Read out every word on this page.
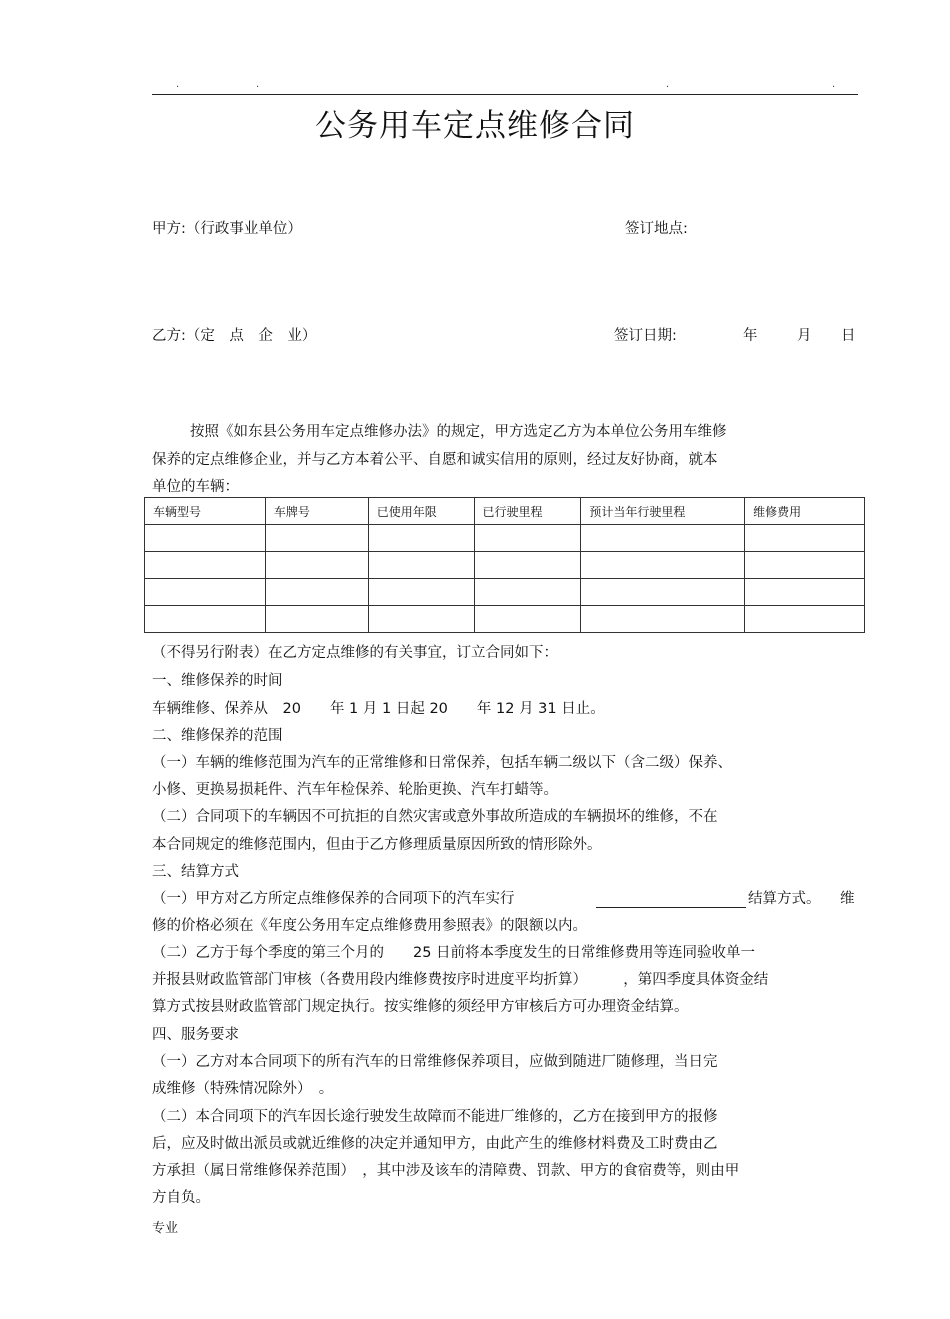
.	.	.	.
公务用车定点维修合同
甲方:（行政事业单位）	签订地点:
乙方:（定　点　企　业）	签订日期:	年	月 日
按照《如东县公务用车定点维修办法》的规定，甲方选定乙方为本单位公务用车维修
保养的定点维修企业，并与乙方本着公平、自愿和诚实信用的原则，经过友好协商，就本
单位的车辆：
车辆型号	车牌号	已使用年限	已行驶里程	预计当年行驶里程	维修费用

（不得另行附表）在乙方定点维修的有关事宜，订立合同如下：
一、维修保养的时间
车辆维修、保养从　20　　年 1 月 1 日起 20　　年 12 月 31 日止。
二、维修保养的范围
（一）车辆的维修范围为汽车的正常维修和日常保养，包括车辆二级以下（含二级）保养、
小修、更换易损耗件、汽车年检保养、轮胎更换、汽车打蜡等。
（二）合同项下的车辆因不可抗拒的自然灾害或意外事故所造成的车辆损坏的维修，不在
本合同规定的维修范围内，但由于乙方修理质量原因所致的情形除外。
三、结算方式
（一）甲方对乙方所定点维修保养的合同项下的汽车实行	结算方式。 维
修的价格必须在《年度公务用车定点维修费用参照表》的限额以内。
（二）乙方于每个季度的第三个月的　　25 日前将本季度发生的日常维修费用等连同验收单一
并报县财政监管部门审核（各费用段内维修费按序时进度平均折算）　　　，第四季度具体资金结
算方式按县财政监管部门规定执行。按实维修的须经甲方审核后方可办理资金结算。
四、服务要求
（一）乙方对本合同项下的所有汽车的日常维修保养项目，应做到随进厂随修理，当日完
成维修（特殊情况除外）　。
（二）本合同项下的汽车因长途行驶发生故障而不能进厂维修的，乙方在接到甲方的报修
后，应及时做出派员或就近维修的决定并通知甲方，由此产生的维修材料费及工时费由乙
方承担（属日常维修保养范围）　，其中涉及该车的清障费、罚款、甲方的食宿费等，则由甲
方自负。
专业
